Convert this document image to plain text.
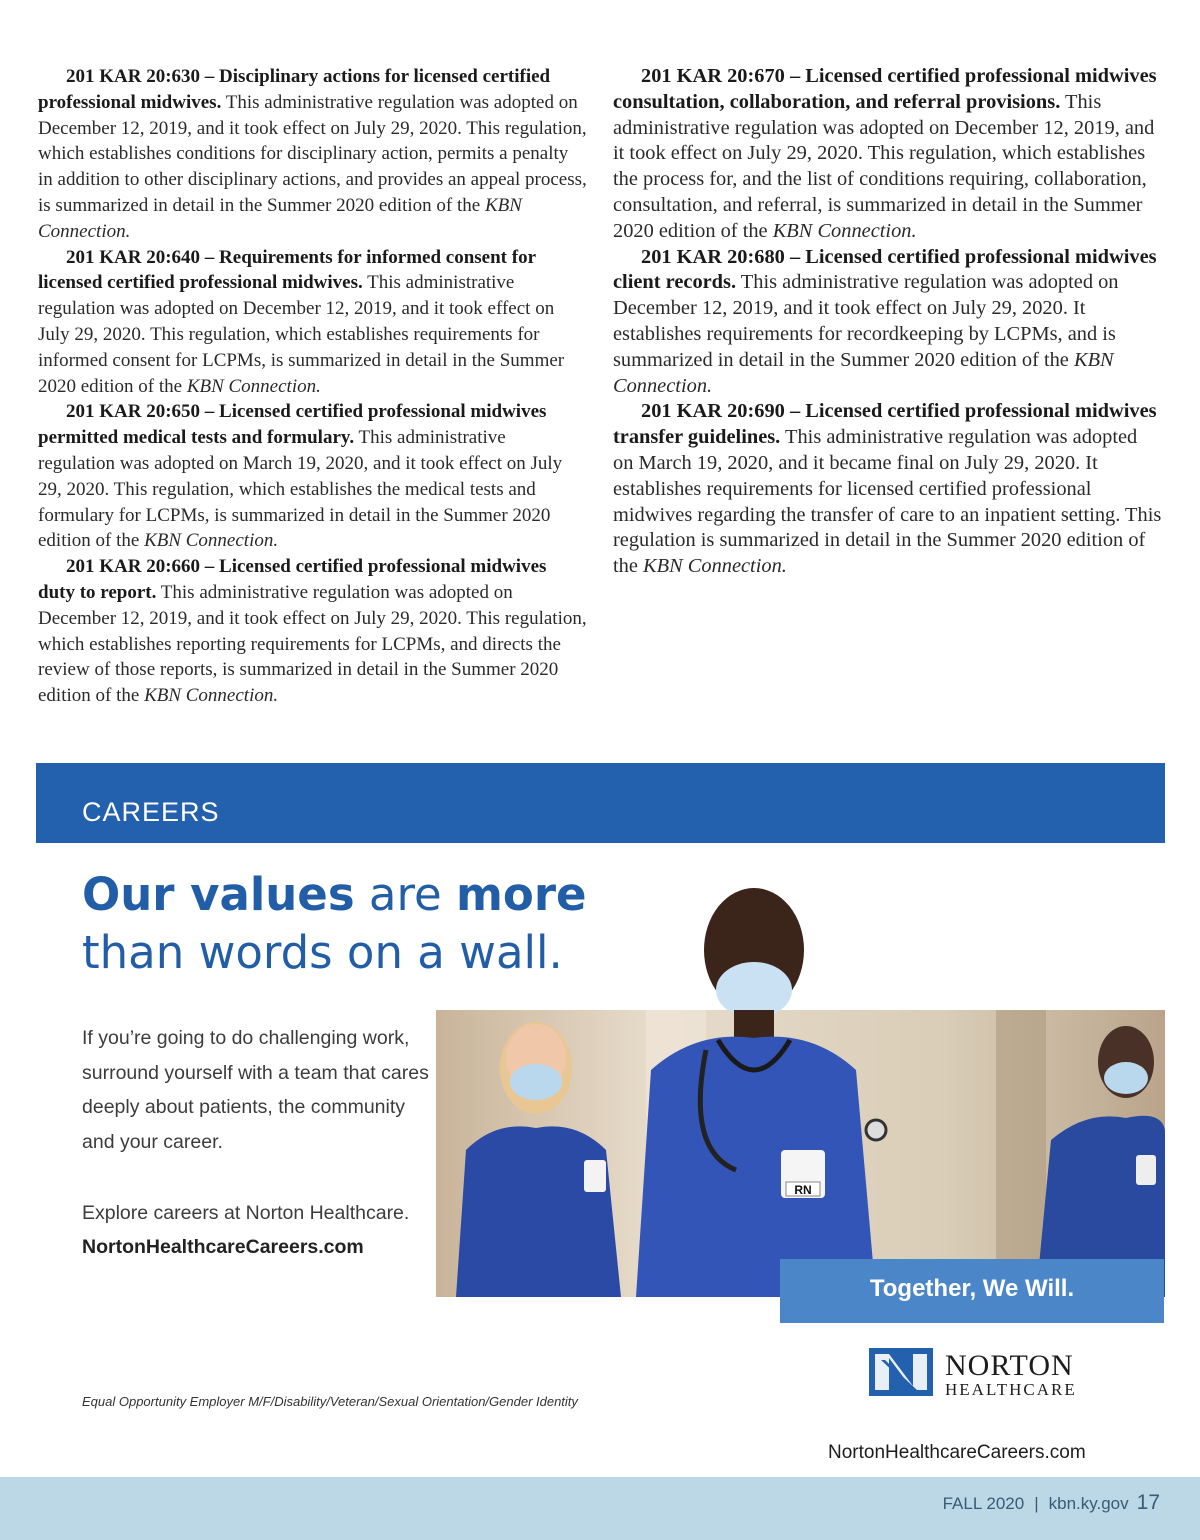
201 KAR 20:630 – Disciplinary actions for licensed certified professional midwives. This administrative regulation was adopted on December 12, 2019, and it took effect on July 29, 2020. This regulation, which establishes conditions for disciplinary action, permits a penalty in addition to other disciplinary actions, and provides an appeal process, is summarized in detail in the Summer 2020 edition of the KBN Connection.

201 KAR 20:640 – Requirements for informed consent for licensed certified professional midwives. This administrative regulation was adopted on December 12, 2019, and it took effect on July 29, 2020. This regulation, which establishes requirements for informed consent for LCPMs, is summarized in detail in the Summer 2020 edition of the KBN Connection.

201 KAR 20:650 – Licensed certified professional midwives permitted medical tests and formulary. This administrative regulation was adopted on March 19, 2020, and it took effect on July 29, 2020. This regulation, which establishes the medical tests and formulary for LCPMs, is summarized in detail in the Summer 2020 edition of the KBN Connection.

201 KAR 20:660 – Licensed certified professional midwives duty to report. This administrative regulation was adopted on December 12, 2019, and it took effect on July 29, 2020. This regulation, which establishes reporting requirements for LCPMs, and directs the review of those reports, is summarized in detail in the Summer 2020 edition of the KBN Connection.

201 KAR 20:670 – Licensed certified professional midwives consultation, collaboration, and referral provisions. This administrative regulation was adopted on December 12, 2019, and it took effect on July 29, 2020. This regulation, which establishes the process for, and the list of conditions requiring, collaboration, consultation, and referral, is summarized in detail in the Summer 2020 edition of the KBN Connection.

201 KAR 20:680 – Licensed certified professional midwives client records. This administrative regulation was adopted on December 12, 2019, and it took effect on July 29, 2020. It establishes requirements for recordkeeping by LCPMs, and is summarized in detail in the Summer 2020 edition of the KBN Connection.

201 KAR 20:690 – Licensed certified professional midwives transfer guidelines. This administrative regulation was adopted on March 19, 2020, and it became final on July 29, 2020. It establishes requirements for licensed certified professional midwives regarding the transfer of care to an inpatient setting. This regulation is summarized in detail in the Summer 2020 edition of the KBN Connection.

CAREERS
Our values are more
than words on a wall.
If you’re going to do challenging work, surround yourself with a team that cares deeply about patients, the community and your career.
Explore careers at Norton Healthcare.
NortonHealthcareCareers.com
RN
Together, We Will.
NORTON
HEALTHCARE
Equal Opportunity Employer M/F/Disability/Veteran/Sexual Orientation/Gender Identity
NortonHealthcareCareers.com
FALL 2020 | kbn.ky.gov 17
